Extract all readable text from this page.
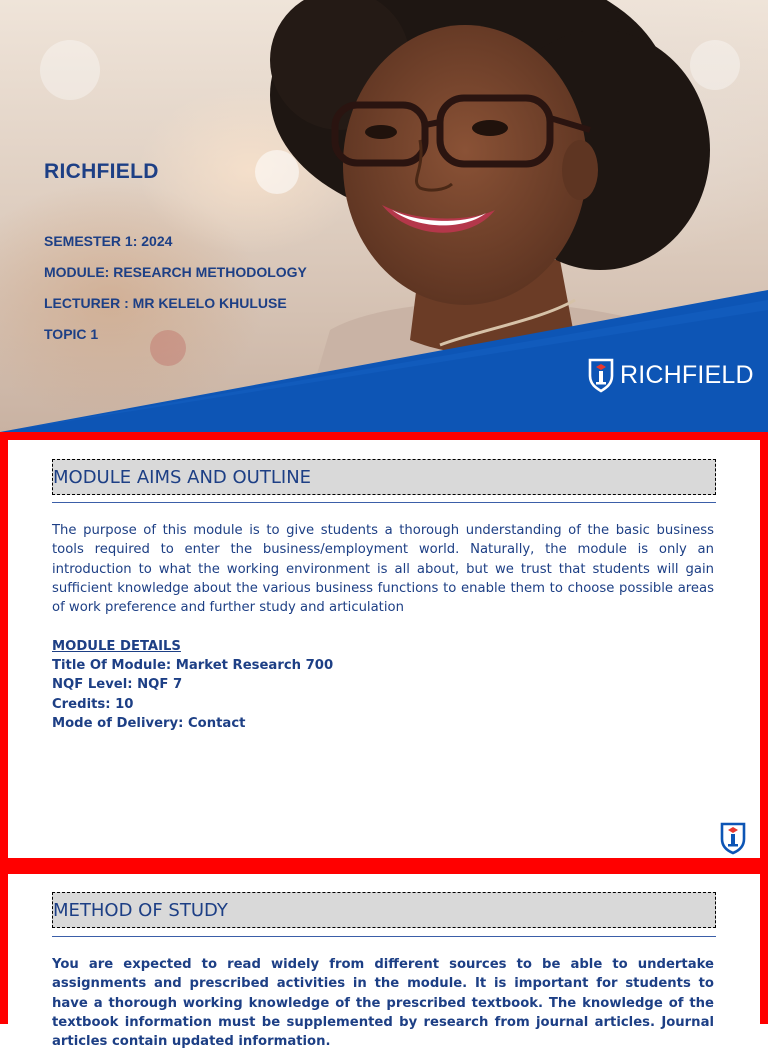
RICHFIELD
SEMESTER 1: 2024
MODULE: RESEARCH METHODOLOGY
LECTURER : MR KELELO KHULUSE
TOPIC 1
RICHFIELD
MODULE AIMS AND OUTLINE
The purpose of this module is to give students a thorough understanding of the basic business tools required to enter the business/employment world. Naturally, the module is only an introduction to what the working environment is all about, but we trust that students will gain sufficient knowledge about the various business functions to enable them to choose possible areas of work preference and further study and articulation
MODULE DETAILS
Title Of Module: Market Research 700
NQF Level: NQF 7
Credits: 10
Mode of Delivery: Contact
METHOD OF STUDY
You are expected to read widely from different sources to be able to undertake assignments and prescribed activities in the module. It is important for students to have a thorough working knowledge of the prescribed textbook. The knowledge of the textbook information must be supplemented by research from journal articles. Journal articles contain updated information.
